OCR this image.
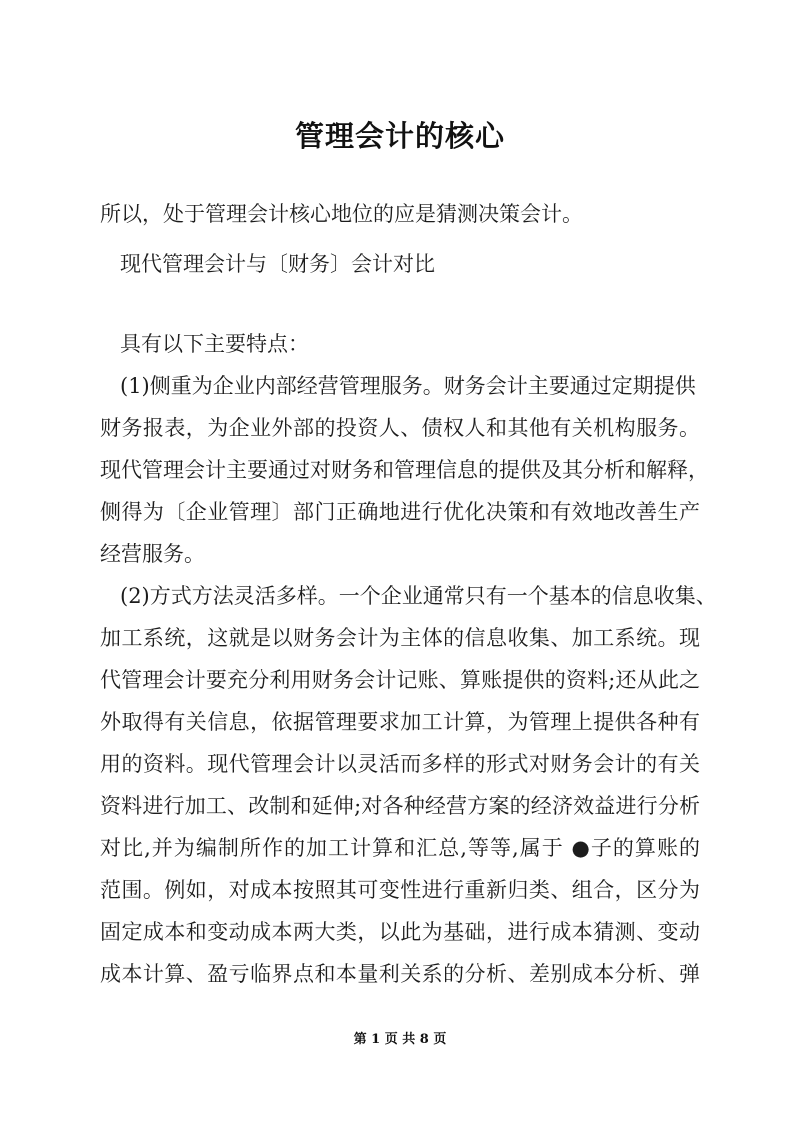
管理会计的核心
所以，处于管理会计核心地位的应是猜测决策会计。
现代管理会计与〔财务〕会计对比
具有以下主要特点：
(1)侧重为企业内部经营管理服务。财务会计主要通过定期提供
财务报表，为企业外部的投资人、债权人和其他有关机构服务。
现代管理会计主要通过对财务和管理信息的提供及其分析和解释，
侧得为〔企业管理〕部门正确地进行优化决策和有效地改善生产
经营服务。
(2)方式方法灵活多样。一个企业通常只有一个基本的信息收集、
加工系统，这就是以财务会计为主体的信息收集、加工系统。现
代管理会计要充分利用财务会计记账、算账提供的资料;还从此之
外取得有关信息，依据管理要求加工计算，为管理上提供各种有
用的资料。现代管理会计以灵活而多样的形式对财务会计的有关
资料进行加工、改制和延伸;对各种经营方案的经济效益进行分析
对比,并为编制所作的加工计算和汇总,等等,属于 ●子的算账的
范围。例如，对成本按照其可变性进行重新归类、组合，区分为
固定成本和变动成本两大类，以此为基础，进行成本猜测、变动
成本计算、盈亏临界点和本量利关系的分析、差别成本分析、弹
第 1 页 共 8 页
